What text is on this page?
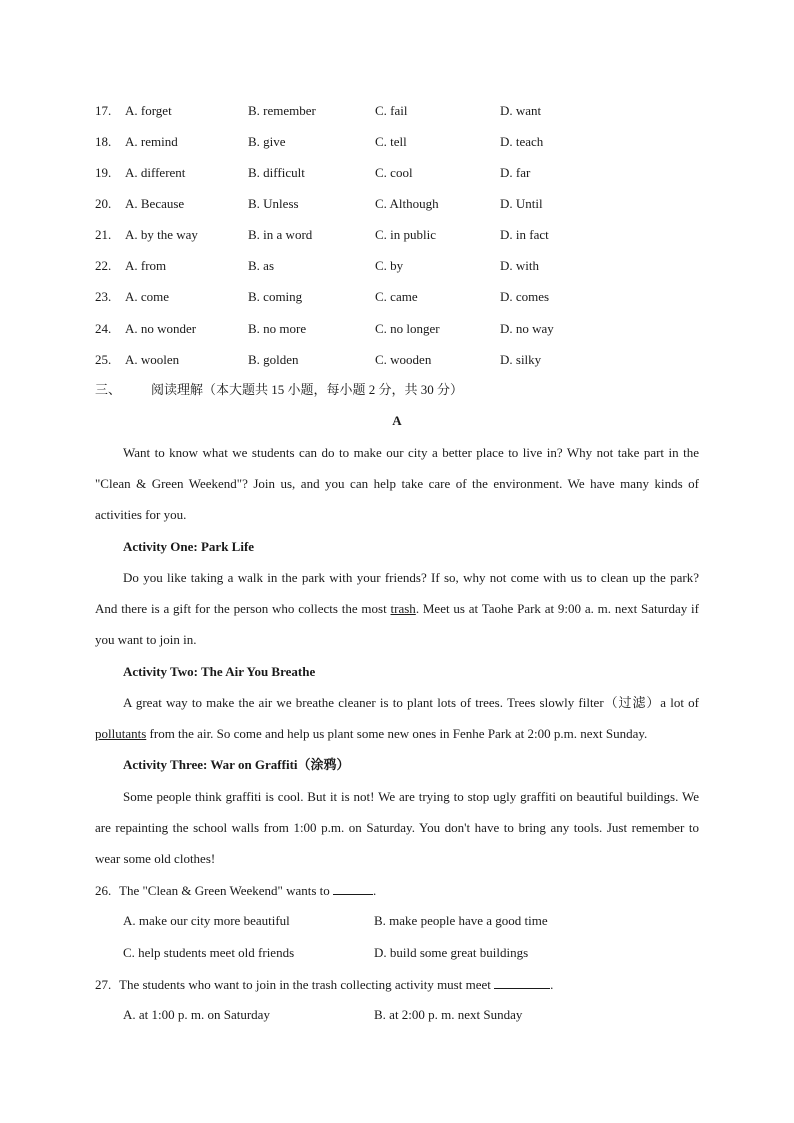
17. A. forget	B. remember	C. fail	D. want
18. A. remind	B. give	C. tell	D. teach
19. A. different	B. difficult	C. cool	D. far
20. A. Because	B. Unless	C. Although	D. Until
21. A. by the way	B. in a word	C. in public	D. in fact
22. A. from	B. as	C. by	D. with
23. A. come	B. coming	C. came	D. comes
24. A. no wonder	B. no more	C. no longer	D. no way
25. A. woolen	B. golden	C. wooden	D. silky
三、 阅读理解（本大题共 15 小题，每小题 2 分，共 30 分）
A
Want to know what we students can do to make our city a better place to live in? Why not take part in the "Clean & Green Weekend"? Join us, and you can help take care of the environment. We have many kinds of activities for you.
Activity One: Park Life
Do you like taking a walk in the park with your friends? If so, why not come with us to clean up the park? And there is a gift for the person who collects the most trash. Meet us at Taohe Park at 9:00 a. m. next Saturday if you want to join in.
Activity Two: The Air You Breathe
A great way to make the air we breathe cleaner is to plant lots of trees. Trees slowly filter（过滤）a lot of pollutants from the air. So come and help us plant some new ones in Fenhe Park at 2:00 p.m. next Sunday.
Activity Three: War on Graffiti（涂鸦）
Some people think graffiti is cool. But it is not! We are trying to stop ugly graffiti on beautiful buildings. We are repainting the school walls from 1:00 p.m. on Saturday. You don't have to bring any tools. Just remember to wear some old clothes!
26. The "Clean & Green Weekend" wants to	.
A. make our city more beautiful	B. make people have a good time
C. help students meet old friends	D. build some great buildings
27. The students who want to join in the trash collecting activity must meet	.
A. at 1:00 p. m. on Saturday	B. at 2:00 p. m. next Sunday
